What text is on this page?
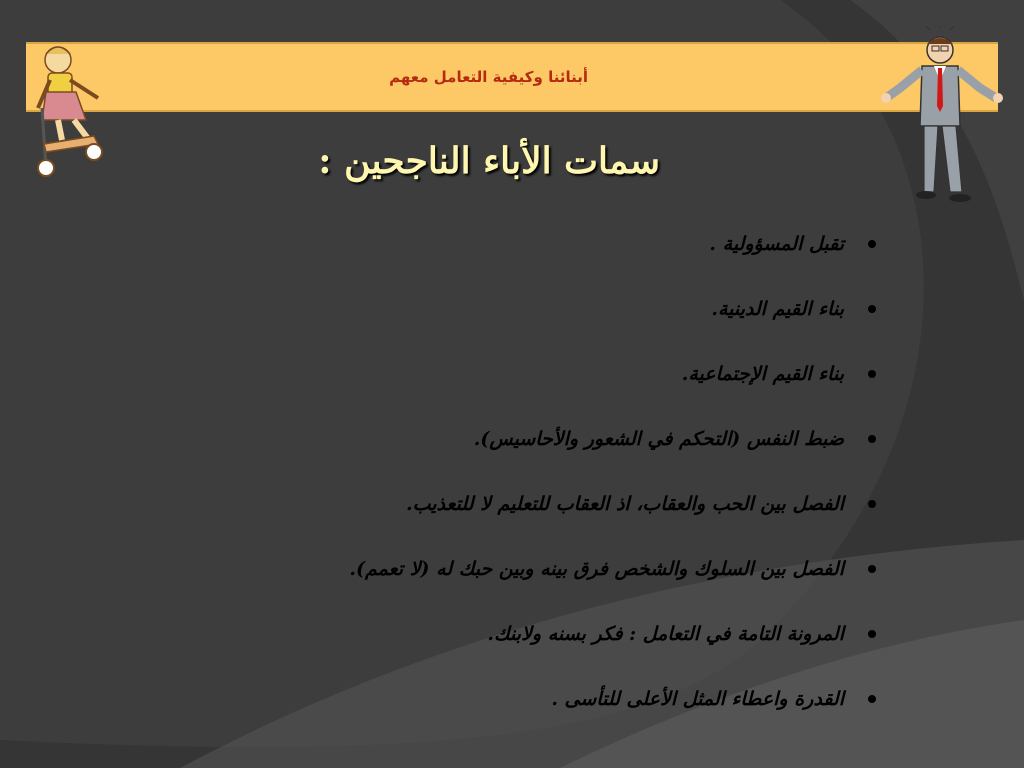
أبنائنا وكيفية التعامل معهم
سمات الأباء الناجحين :
تقبل المسؤولية .
بناء القيم الدينية.
بناء القيم الإجتماعية.
ضبط النفس (التحكم في الشعور والأحاسيس).
الفصل بين الحب والعقاب، اذ العقاب للتعليم لا للتعذيب.
الفصل بين السلوك والشخص فرق بينه وبين حبك له (لا تعمم).
المرونة التامة في التعامل : فكر بسنه ولابنك.
القدرة واعطاء المثل الأعلى للتأسى .
